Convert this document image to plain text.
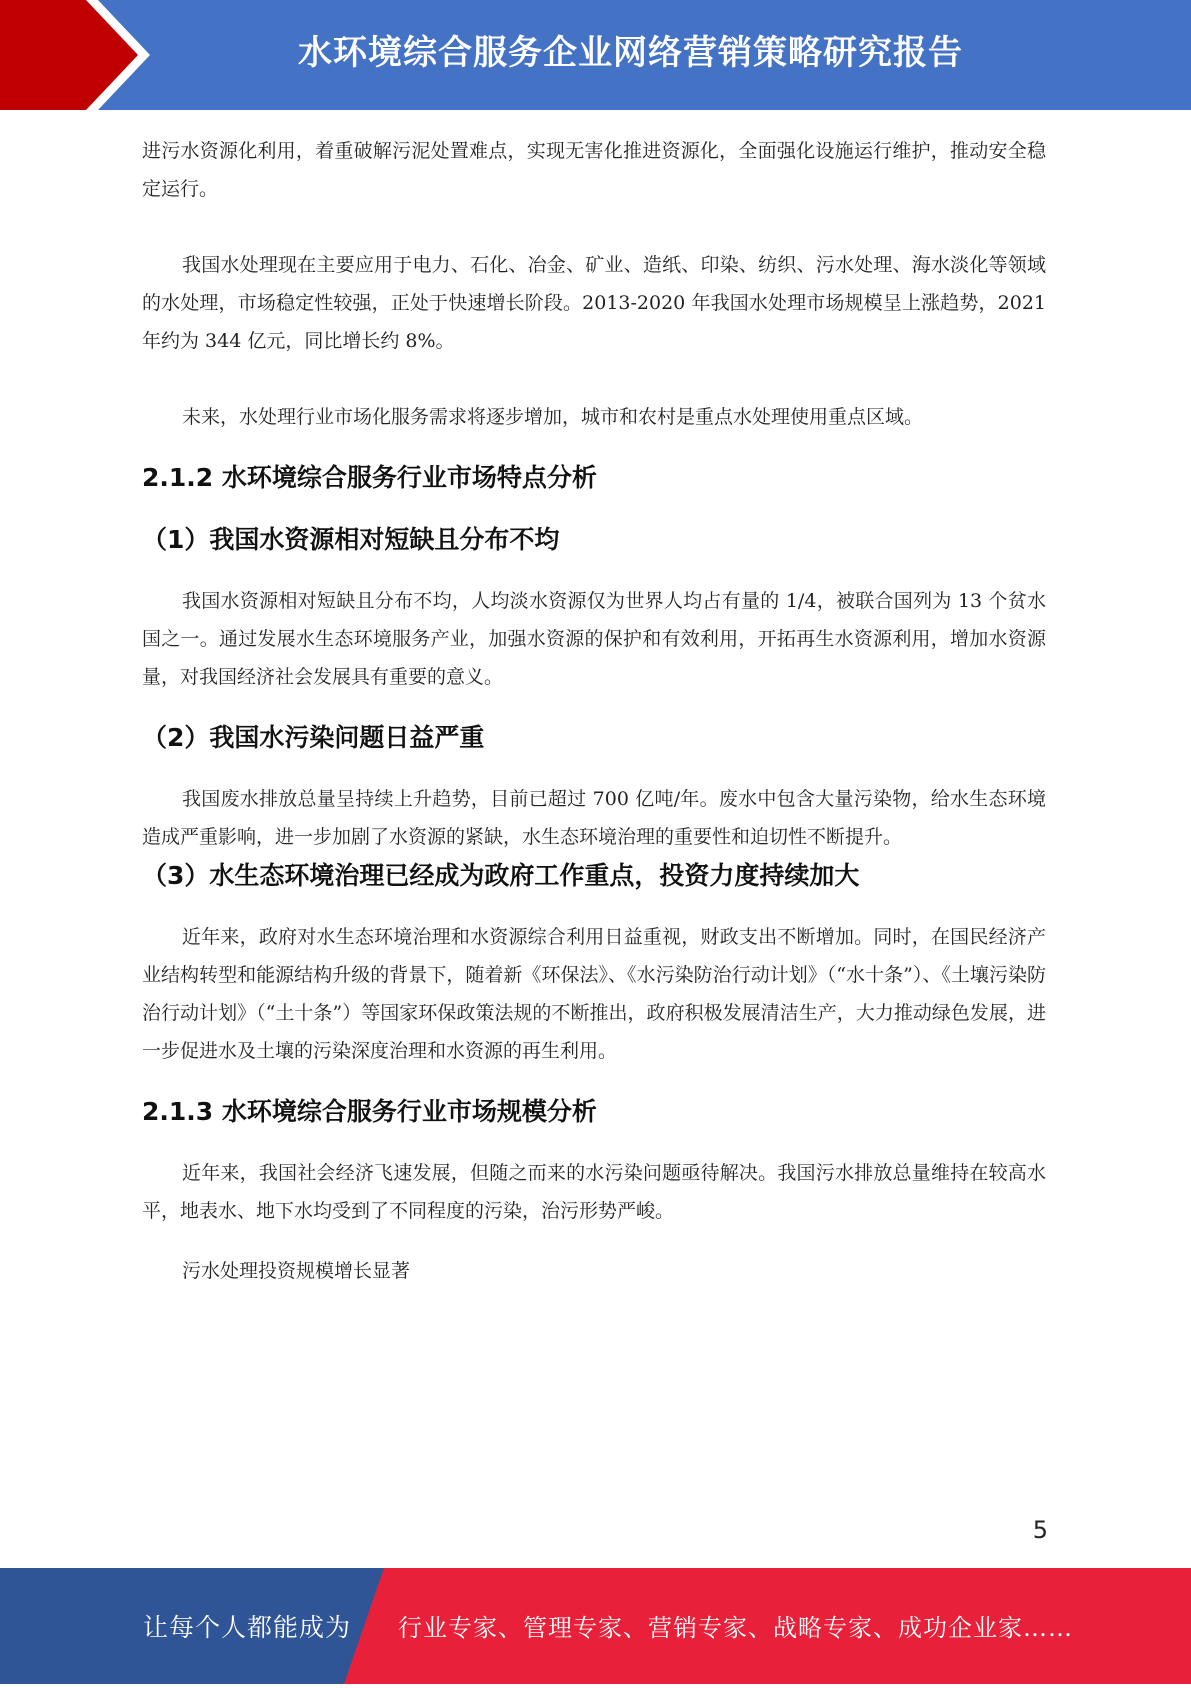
水环境综合服务企业网络营销策略研究报告

进污水资源化利用，着重破解污泥处置难点，实现无害化推进资源化，全面强化设施运行维护，推动安全稳定运行。

我国水处理现在主要应用于电力、石化、冶金、矿业、造纸、印染、纺织、污水处理、海水淡化等领域的水处理，市场稳定性较强，正处于快速增长阶段。2013-2020 年我国水处理市场规模呈上涨趋势，2021 年约为 344 亿元，同比增长约 8%。

未来，水处理行业市场化服务需求将逐步增加，城市和农村是重点水处理使用重点区域。

2.1.2 水环境综合服务行业市场特点分析
（1）我国水资源相对短缺且分布不均

我国水资源相对短缺且分布不均，人均淡水资源仅为世界人均占有量的 1/4，被联合国列为 13 个贫水国之一。通过发展水生态环境服务产业，加强水资源的保护和有效利用，开拓再生水资源利用，增加水资源量，对我国经济社会发展具有重要的意义。

（2）我国水污染问题日益严重

我国废水排放总量呈持续上升趋势，目前已超过 700 亿吨/年。废水中包含大量污染物，给水生态环境造成严重影响，进一步加剧了水资源的紧缺，水生态环境治理的重要性和迫切性不断提升。

（3）水生态环境治理已经成为政府工作重点，投资力度持续加大

近年来，政府对水生态环境治理和水资源综合利用日益重视，财政支出不断增加。同时，在国民经济产业结构转型和能源结构升级的背景下，随着新《环保法》、《水污染防治行动计划》（“水十条”）、《土壤污染防治行动计划》（“土十条”）等国家环保政策法规的不断推出，政府积极发展清洁生产，大力推动绿色发展，进一步促进水及土壤的污染深度治理和水资源的再生利用。

2.1.3 水环境综合服务行业市场规模分析

近年来，我国社会经济飞速发展，但随之而来的水污染问题亟待解决。我国污水排放总量维持在较高水平，地表水、地下水均受到了不同程度的污染，治污形势严峻。

污水处理投资规模增长显著

5
让每个人都能成为 行业专家、管理专家、营销专家、战略专家、成功企业家……
